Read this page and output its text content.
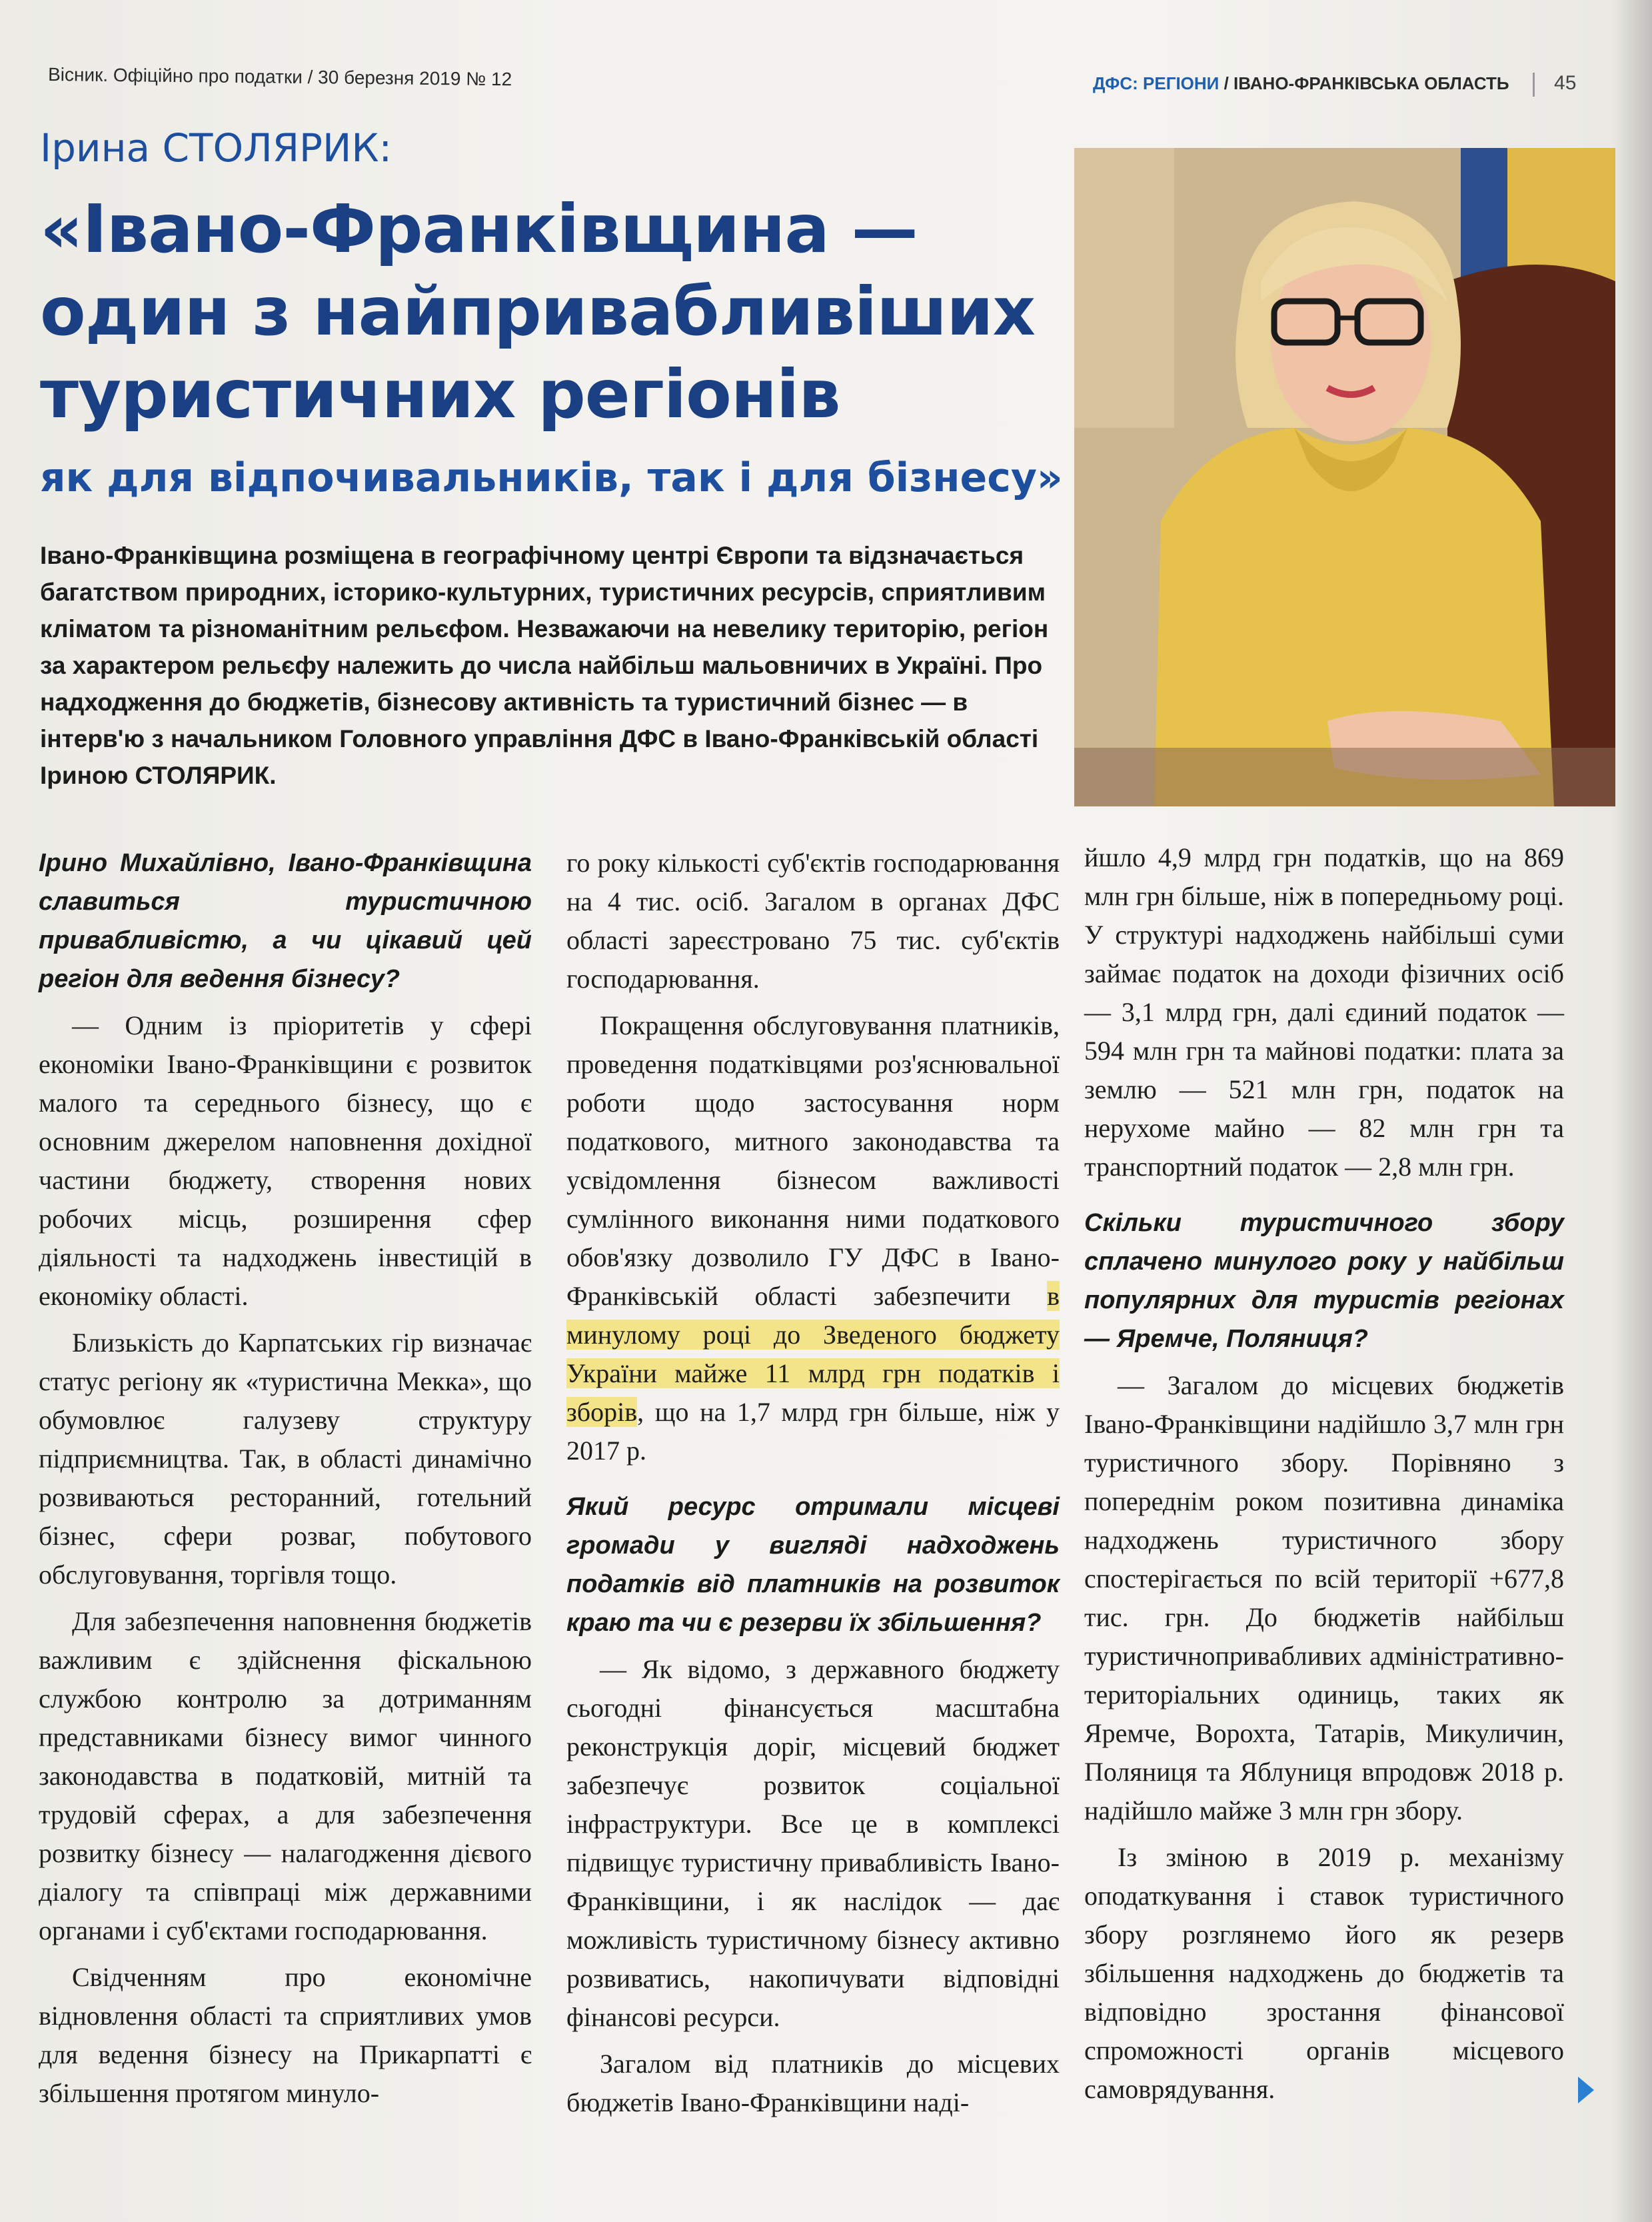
Вісник. Офіційно про податки / 30 березня 2019 № 12	ДФС: РЕГІОНИ / ІВАНО-ФРАНКІВСЬКА ОБЛАСТЬ 45
Ірина СТОЛЯРИК:
«Івано-Франківщина —
один з найпривабливіших
туристичних регіонів
як для відпочивальників, так і для бізнесу»
Івано-Франківщина розміщена в географічному центрі Європи та відзначається багатством природних, історико-культурних, туристичних ресурсів, сприятливим кліматом та різноманітним рельєфом. Незважаючи на невелику територію, регіон за характером рельєфу належить до числа найбільш мальовничих в Україні. Про надходження до бюджетів, бізнесову активність та туристичний бізнес — в інтерв'ю з начальником Головного управління ДФС в Івано-Франківській області Іриною СТОЛЯРИК.

Ірино Михайлівно, Івано-Франківщина славиться туристичною привабливістю, а чи цікавий цей регіон для ведення бізнесу?

— Одним із пріоритетів у сфері економіки Івано-Франківщини є розвиток малого та середнього бізнесу, що є основним джерелом наповнення дохідної частини бюджету, створення нових робочих місць, розширення сфер діяльності та надходжень інвестицій в економіку області.

Близькість до Карпатських гір визначає статус регіону як «туристична Мекка», що обумовлює галузеву структуру підприємництва. Так, в області динамічно розвиваються ресторанний, готельний бізнес, сфери розваг, побутового обслуговування, торгівля тощо.

Для забезпечення наповнення бюджетів важливим є здійснення фіскальною службою контролю за дотриманням представниками бізнесу вимог чинного законодавства в податковій, митній та трудовій сферах, а для забезпечення розвитку бізнесу — налагодження дієвого діалогу та співпраці між державними органами і суб'єктами господарювання.

Свідченням про економічне відновлення області та сприятливих умов для ведення бізнесу на Прикарпатті є збільшення протягом минуло-

го року кількості суб'єктів господарювання на 4 тис. осіб. Загалом в органах ДФС області зареєстровано 75 тис. суб'єктів господарювання.

Покращення обслуговування платників, проведення податківцями роз'яснювальної роботи щодо застосування норм податкового, митного законодавства та усвідомлення бізнесом важливості сумлінного виконання ними податкового обов'язку дозволило ГУ ДФС в Івано-Франківській області забезпечити в минулому році до Зведеного бюджету України майже 11 млрд грн податків і зборів, що на 1,7 млрд грн більше, ніж у 2017 р.

Який ресурс отримали місцеві громади у вигляді надходжень податків від платників на розвиток краю та чи є резерви їх збільшення?

— Як відомо, з державного бюджету сьогодні фінансується масштабна реконструкція доріг, місцевий бюджет забезпечує розвиток соціальної інфраструктури. Все це в комплексі підвищує туристичну привабливість Івано-Франківщини, і як наслідок — дає можливість туристичному бізнесу активно розвиватись, накопичувати відповідні фінансові ресурси.

Загалом від платників до місцевих бюджетів Івано-Франківщини наді-

йшло 4,9 млрд грн податків, що на 869 млн грн більше, ніж в попередньому році. У структурі надходжень найбільші суми займає податок на доходи фізичних осіб — 3,1 млрд грн, далі єдиний податок — 594 млн грн та майнові податки: плата за землю — 521 млн грн, податок на нерухоме майно — 82 млн грн та транспортний податок — 2,8 млн грн.

Скільки туристичного збору сплачено минулого року у найбільш популярних для туристів регіонах — Яремче, Поляниця?

— Загалом до місцевих бюджетів Івано-Франківщини надійшло 3,7 млн грн туристичного збору. Порівняно з попереднім роком позитивна динаміка надходжень туристичного збору спостерігається по всій території +677,8 тис. грн. До бюджетів найбільш туристичнопривабливих адміністративно-територіальних одиниць, таких як Яремче, Ворохта, Татарів, Микуличин, Поляниця та Яблуниця впродовж 2018 р. надійшло майже 3 млн грн збору.

Із зміною в 2019 р. механізму оподаткування і ставок туристичного збору розглянемо його як резерв збільшення надходжень до бюджетів та відповідно зростання фінансової спроможності органів місцевого самоврядування.
